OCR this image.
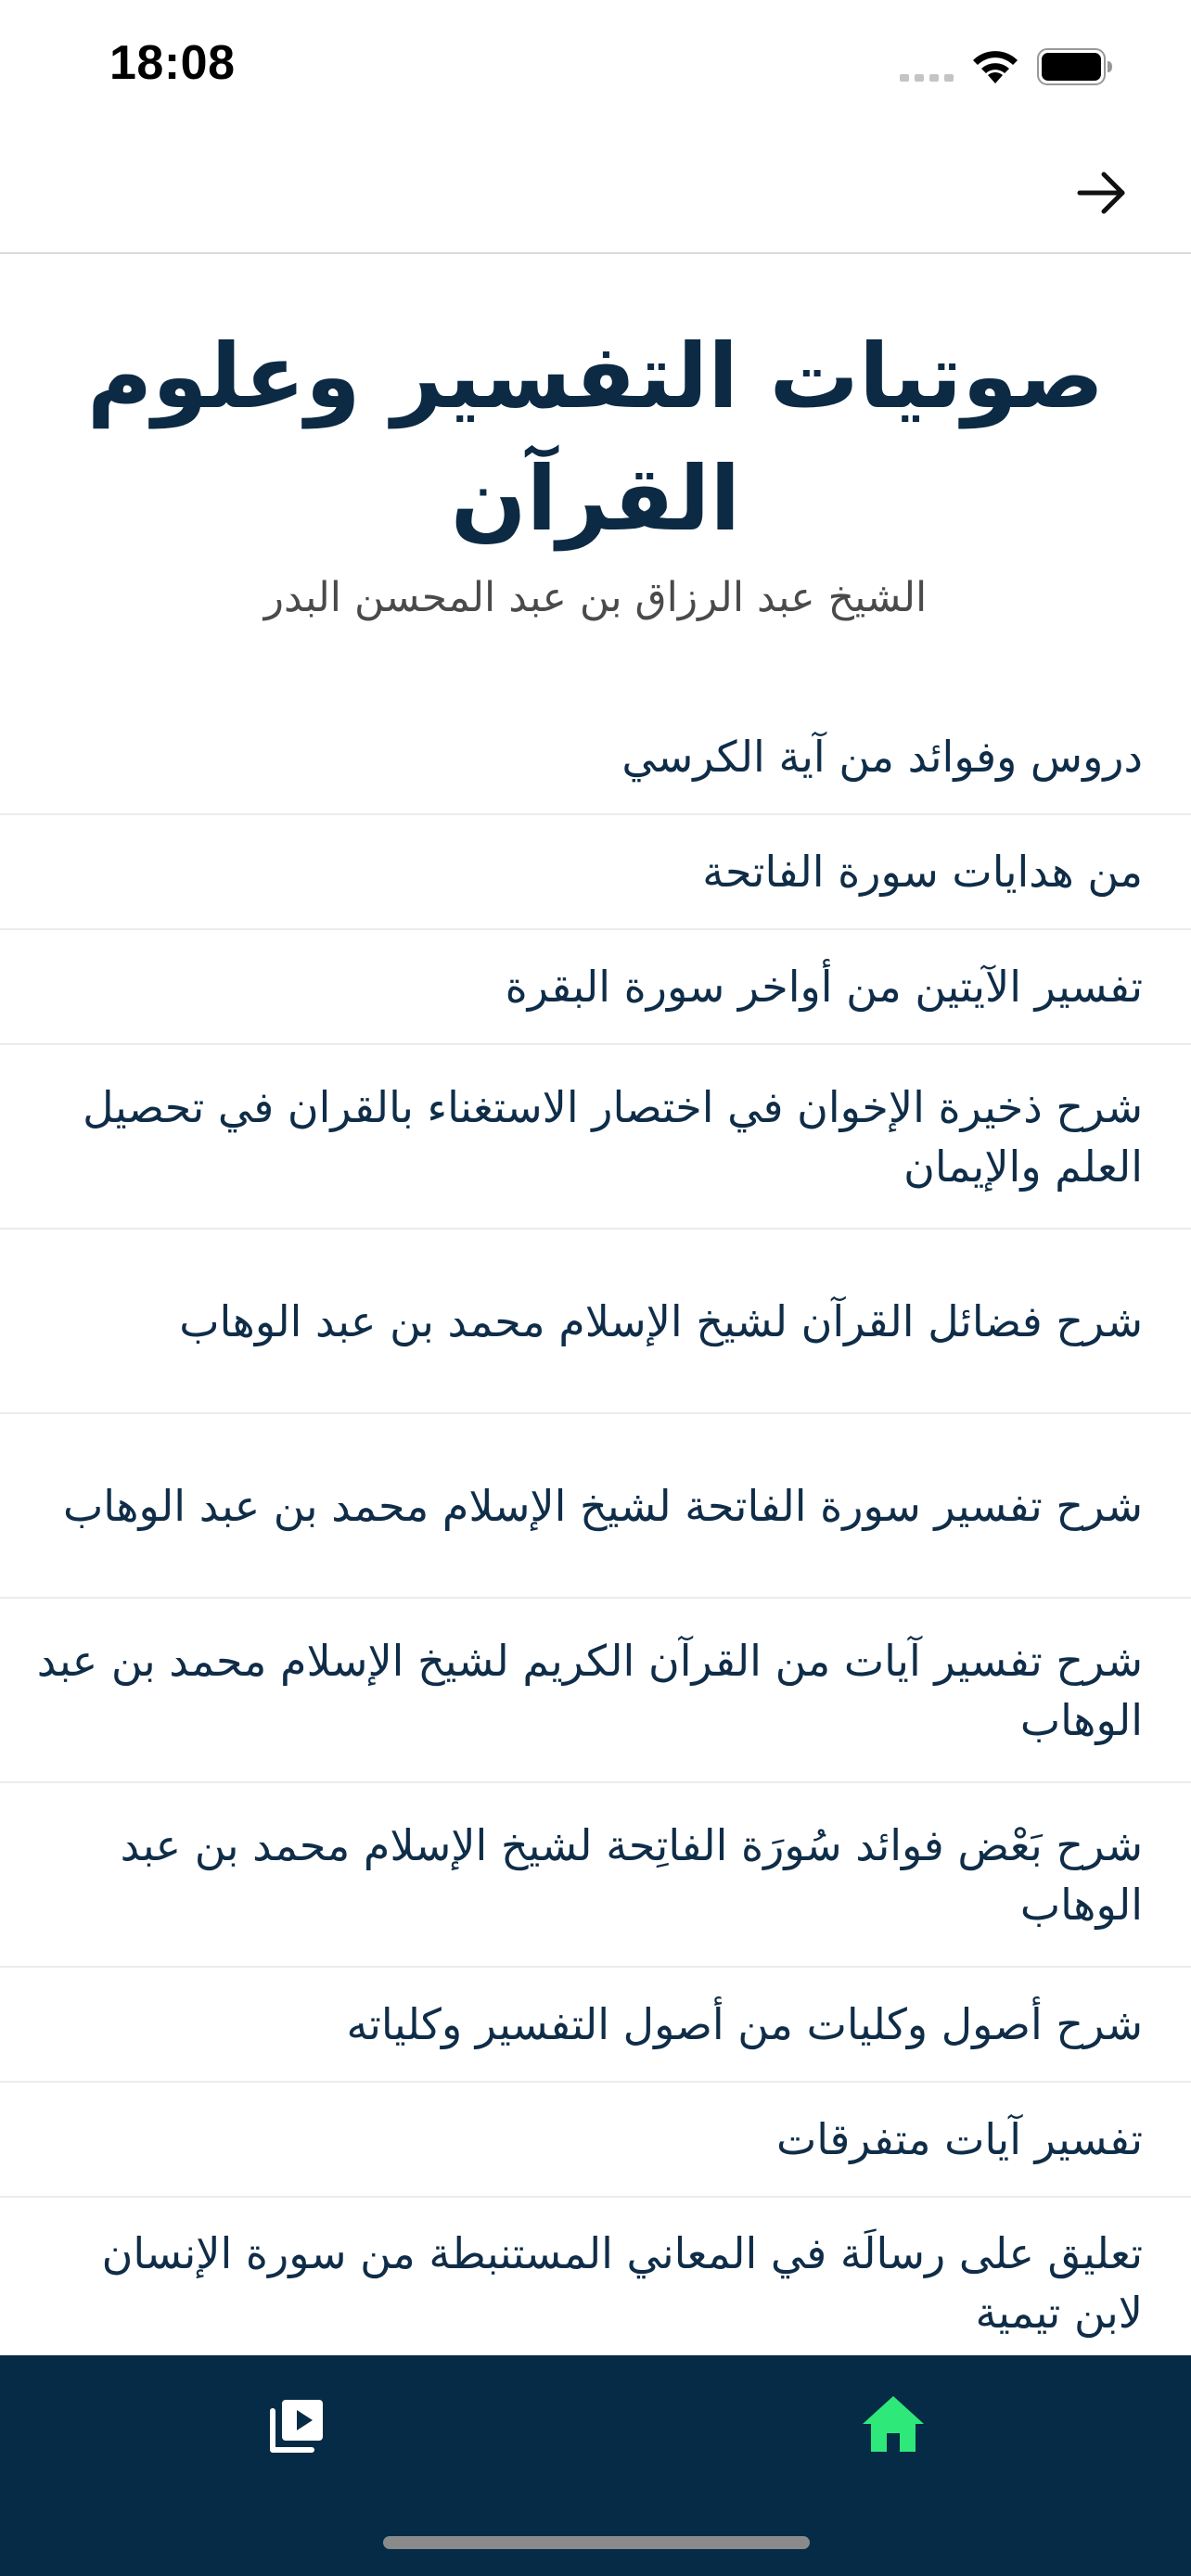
18:08
صوتيات التفسير وعلوم القرآن
الشيخ عبد الرزاق بن عبد المحسن البدر
دروس وفوائد من آية الكرسي
من هدايات سورة الفاتحة
تفسير الآيتين من أواخر سورة البقرة
شرح ذخيرة الإخوان في اختصار الاستغناء بالقران في تحصيل العلم والإيمان
شرح فضائل القرآن لشيخ الإسلام محمد بن عبد الوهاب
شرح تفسير سورة الفاتحة لشيخ الإسلام محمد بن عبد الوهاب
شرح تفسير آيات من القرآن الكريم لشيخ الإسلام محمد بن عبد الوهاب
شرح بَعْض فوائد سُورَة الفاتِحة لشيخ الإسلام محمد بن عبد الوهاب
شرح أصول وكليات من أصول التفسير وكلياته
تفسير آيات متفرقات
تعليق على رسالَة في المعاني المستنبطة من سورة الإنسان لابن تيمية
